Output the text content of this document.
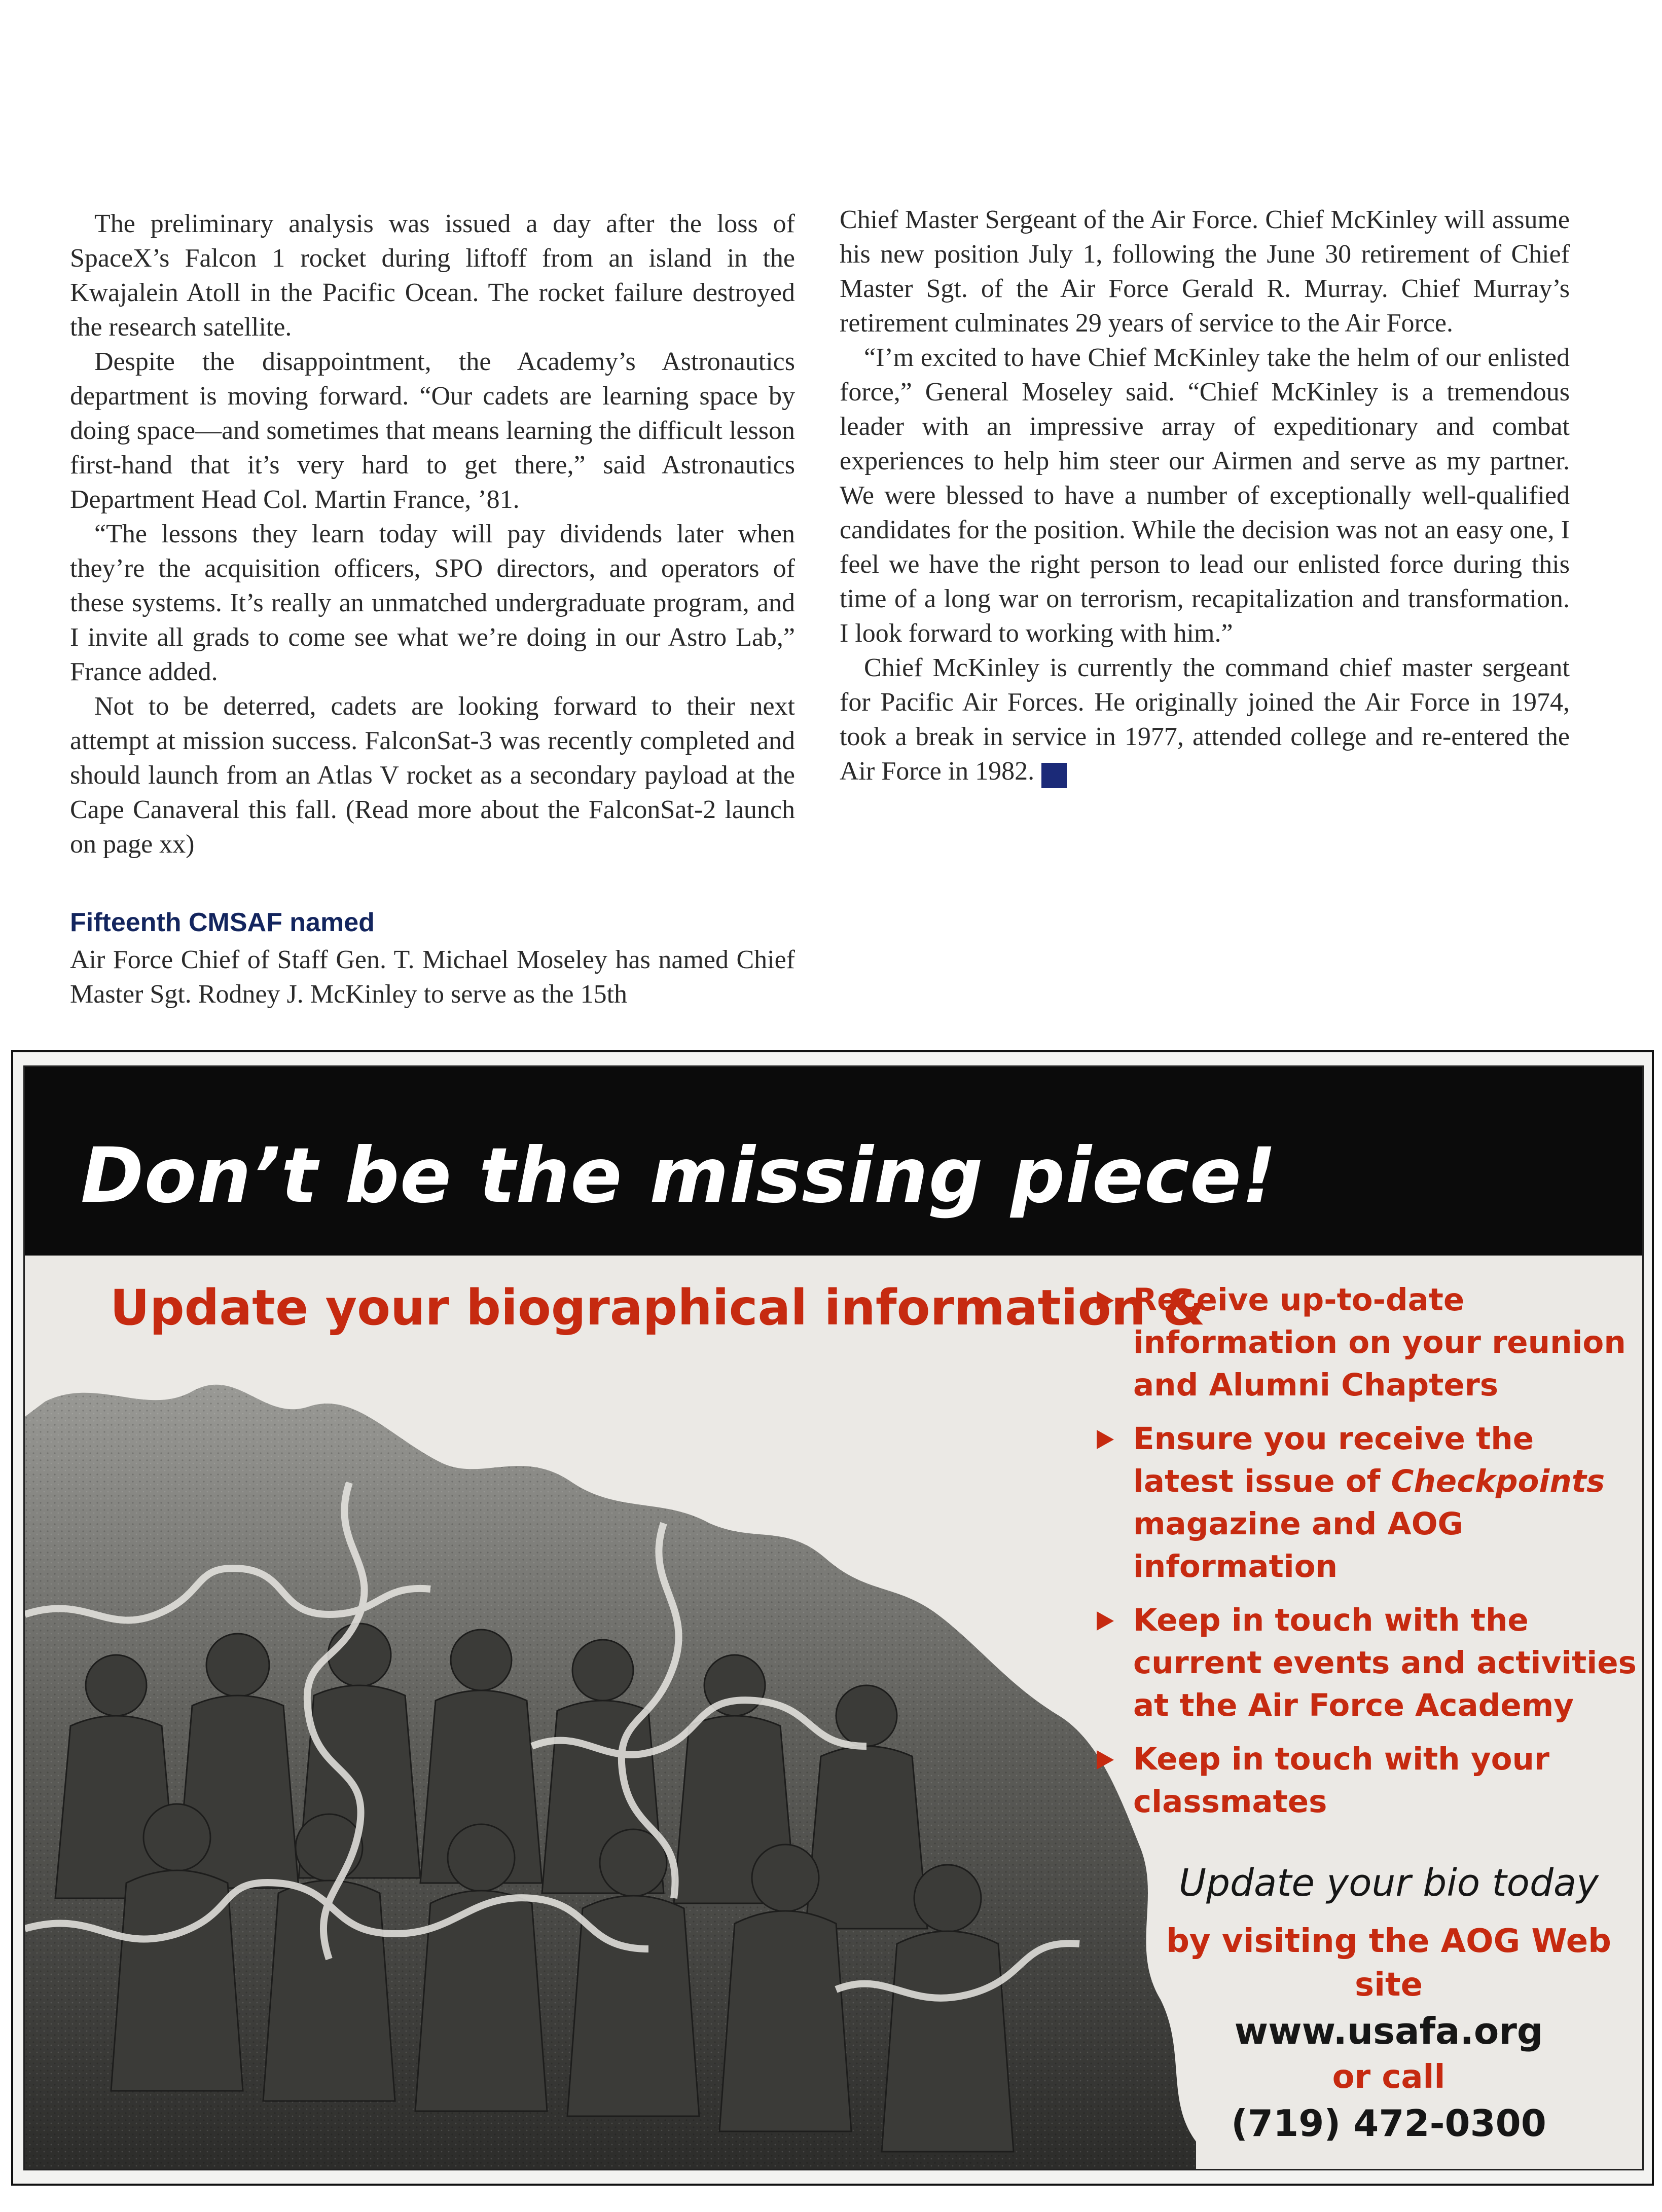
The preliminary analysis was issued a day after the loss of SpaceX’s Falcon 1 rocket during liftoff from an island in the Kwajalein Atoll in the Pacific Ocean. The rocket failure destroyed the research satellite.

Despite the disappointment, the Academy’s Astronautics department is moving forward. “Our cadets are learning space by doing space—and sometimes that means learning the difficult lesson first-hand that it’s very hard to get there,” said Astronautics Department Head Col. Martin France, ’81.

“The lessons they learn today will pay dividends later when they’re the acquisition officers, SPO directors, and operators of these systems. It’s really an unmatched undergraduate program, and I invite all grads to come see what we’re doing in our Astro Lab,” France added.

Not to be deterred, cadets are looking forward to their next attempt at mission success. FalconSat-3 was recently completed and should launch from an Atlas V rocket as a secondary payload at the Cape Canaveral this fall. (Read more about the FalconSat-2 launch on page xx)

Fifteenth CMSAF named

Air Force Chief of Staff Gen. T. Michael Moseley has named Chief Master Sgt. Rodney J. McKinley to serve as the 15th

Chief Master Sergeant of the Air Force. Chief McKinley will assume his new position July 1, following the June 30 retirement of Chief Master Sgt. of the Air Force Gerald R. Murray. Chief Murray’s retirement culminates 29 years of service to the Air Force.

“I’m excited to have Chief McKinley take the helm of our enlisted force,” General Moseley said. “Chief McKinley is a tremendous leader with an impressive array of expeditionary and combat experiences to help him steer our Airmen and serve as my partner. We were blessed to have a number of exceptionally well-qualified candidates for the position. While the decision was not an easy one, I feel we have the right person to lead our enlisted force during this time of a long war on terrorism, recapitalization and transformation. I look forward to working with him.”

Chief McKinley is currently the command chief master sergeant for Pacific Air Forces. He originally joined the Air Force in 1974, took a break in service in 1977, attended college and re-entered the Air Force in 1982. ✓

Don’t be the missing piece!
Update your biographical information &
Receive up-to-date information on your reunion and Alumni Chapters
Ensure you receive the latest issue of Checkpoints magazine and AOG information
Keep in touch with the current events and activities at the Air Force Academy
Keep in touch with your classmates

Update your bio today

by visiting the AOG Web site

www.usafa.org

or call

(719) 472-0300
